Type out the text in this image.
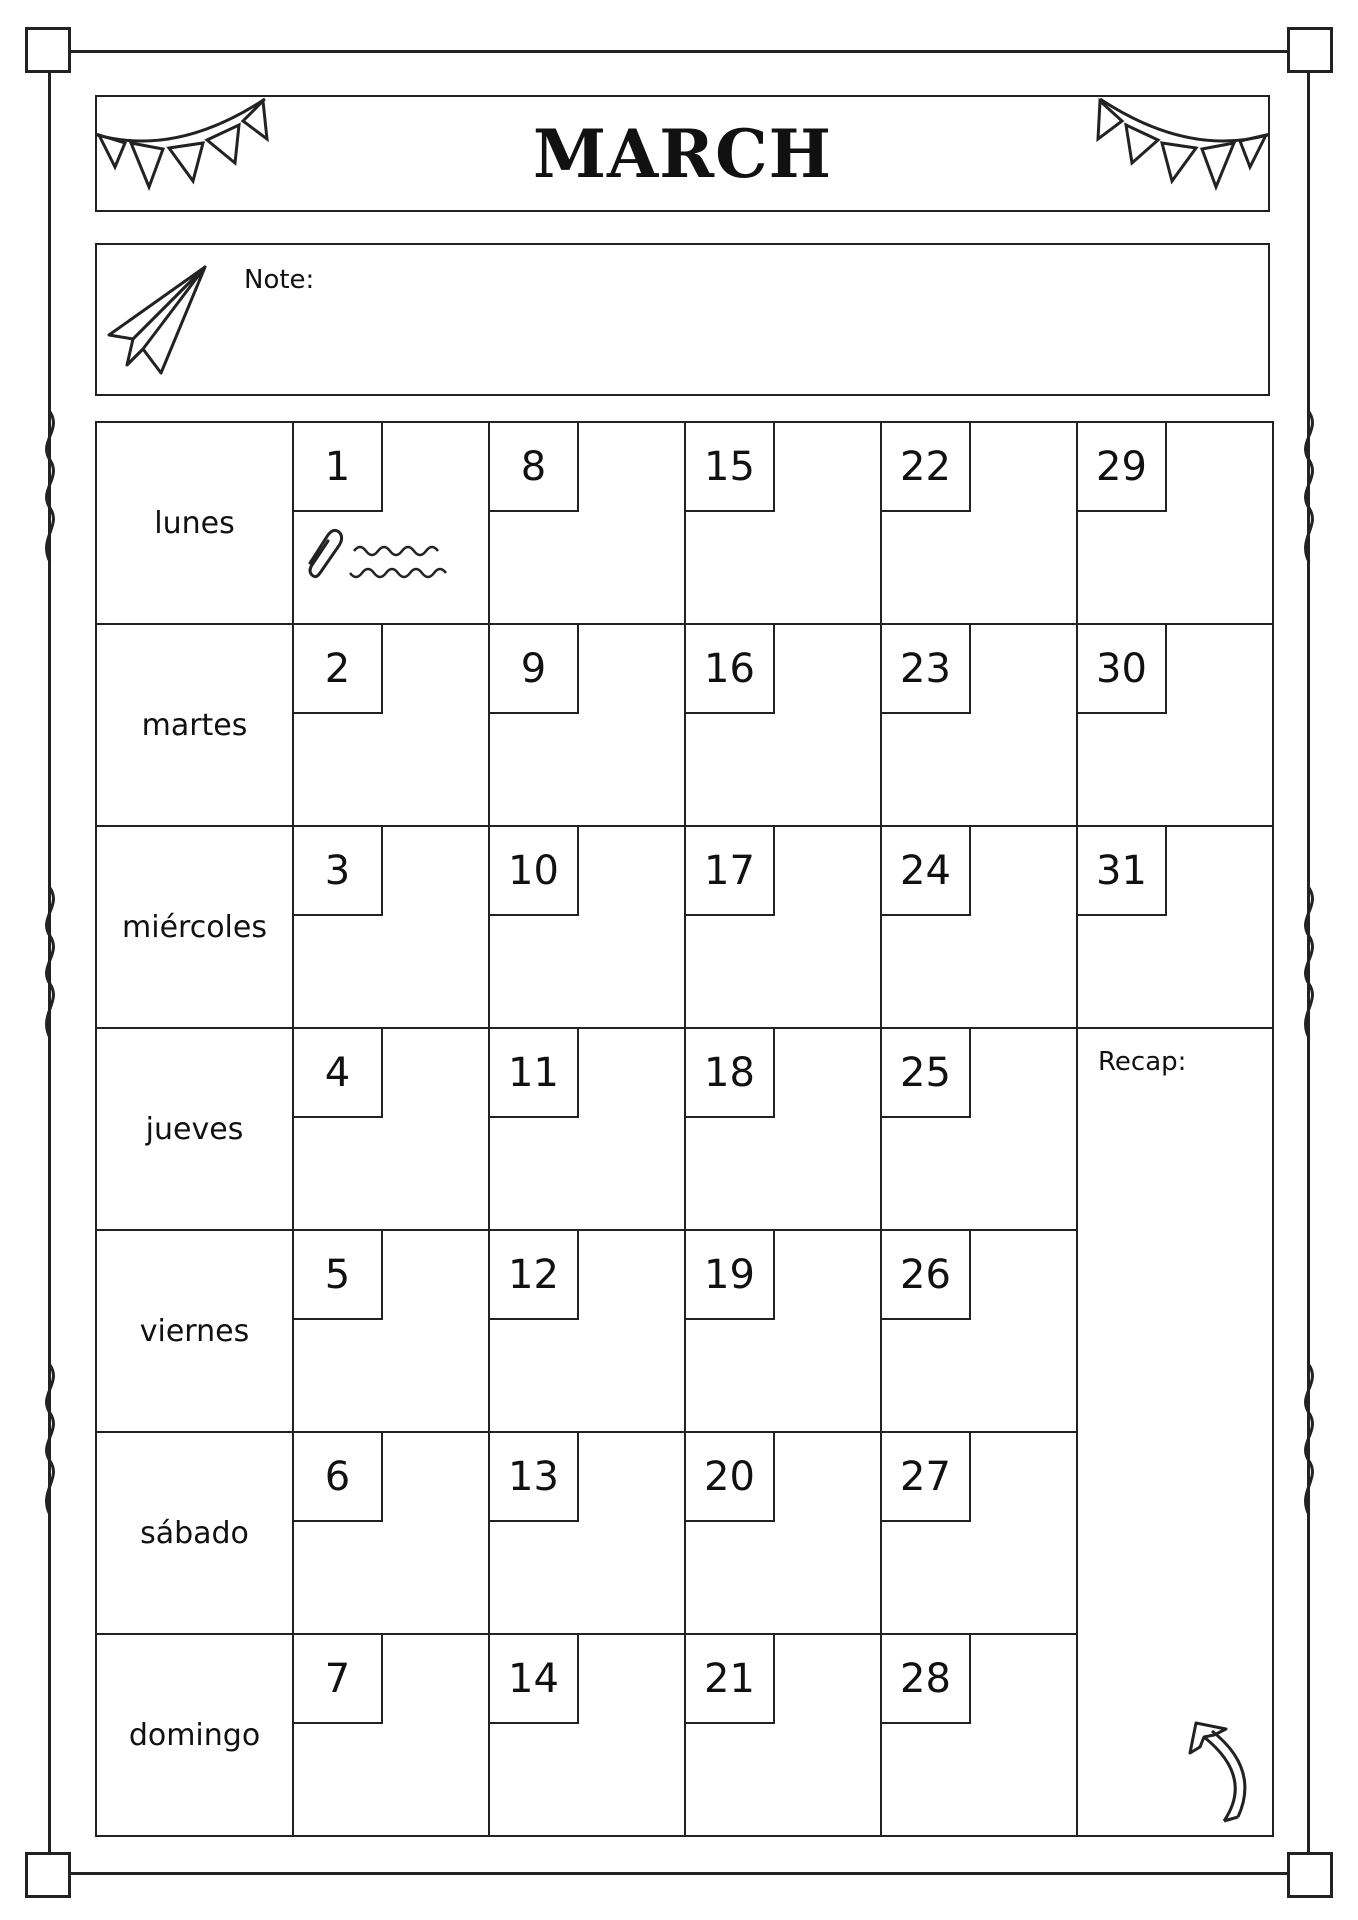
MARCH
Note:
lunes
martes
miércoles
jueves
viernes
sábado
domingo
1
2
3
4
5
6
7
8
9
10
11
12
13
14
15
16
17
18
19
20
21
22
23
24
25
26
27
28
29
30
31
Recap:
